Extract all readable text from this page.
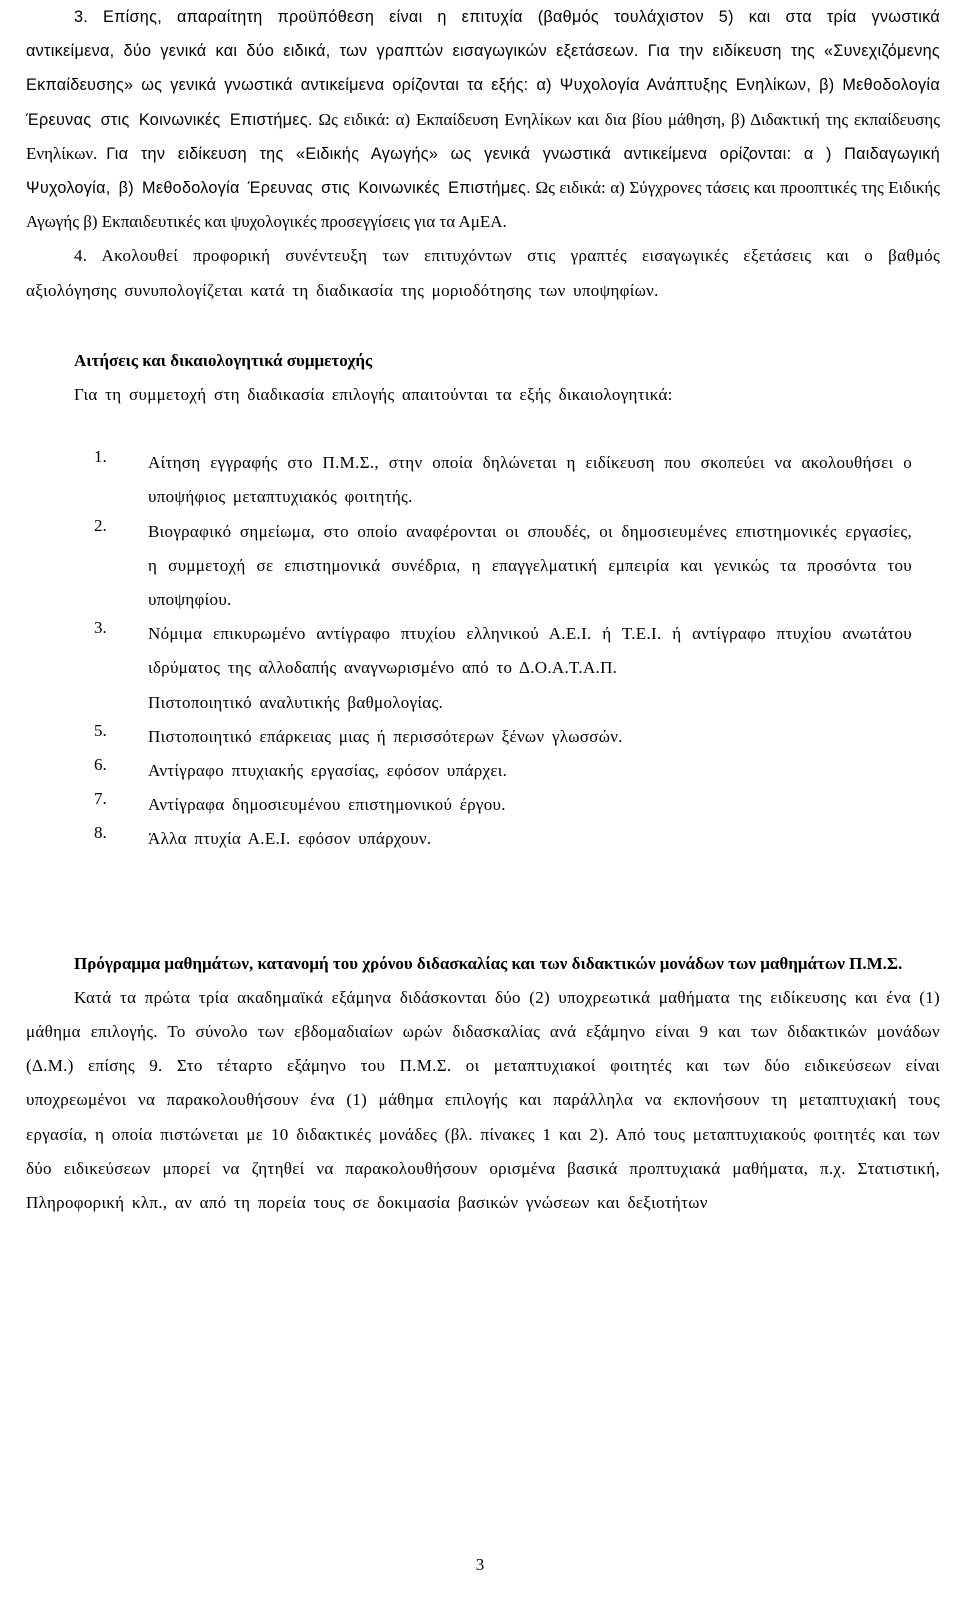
3. Επίσης, απαραίτητη προϋπόθεση είναι η επιτυχία (βαθμός τουλάχιστον 5) και στα τρία γνωστικά αντικείμενα, δύο γενικά και δύο ειδικά, των γραπτών εισαγωγικών εξετάσεων. Για την ειδίκευση της «Συνεχιζόμενης Εκπαίδευσης» ως γενικά γνωστικά αντικείμενα ορίζονται τα εξής: α) Ψυχολογία Ανάπτυξης Ενηλίκων, β) Μεθοδολογία Έρευνας στις Κοινωνικές Επιστήμες. Ως ειδικά: α) Εκπαίδευση Ενηλίκων και δια βίου μάθηση, β) Διδακτική της εκπαίδευσης Ενηλίκων. Για την ειδίκευση της «Ειδικής Αγωγής» ως γενικά γνωστικά αντικείμενα ορίζονται: α ) Παιδαγωγική Ψυχολογία, β) Μεθοδολογία Έρευνας στις Κοινωνικές Επιστήμες. Ως ειδικά: α) Σύγχρονες τάσεις και προοπτικές της Ειδικής Αγωγής β) Εκπαιδευτικές και ψυχολογικές προσεγγίσεις για τα ΑμΕΑ.

4. Ακολουθεί προφορική συνέντευξη των επιτυχόντων στις γραπτές εισαγωγικές εξετάσεις και ο βαθμός αξιολόγησης συνυπολογίζεται κατά τη διαδικασία της μοριοδότησης των υποψηφίων.

Αιτήσεις και δικαιολογητικά συμμετοχής

Για τη συμμετοχή στη διαδικασία επιλογής απαιτούνται τα εξής δικαιολογητικά:

1. Αίτηση εγγραφής στο Π.Μ.Σ., στην οποία δηλώνεται η ειδίκευση που σκοπεύει να ακολουθήσει ο υποψήφιος μεταπτυχιακός φοιτητής.
2. Βιογραφικό σημείωμα, στο οποίο αναφέρονται οι σπουδές, οι δημοσιευμένες επιστημονικές εργασίες, η συμμετοχή σε επιστημονικά συνέδρια, η επαγγελματική εμπειρία και γενικώς τα προσόντα του υποψηφίου.
3. Νόμιμα επικυρωμένο αντίγραφο πτυχίου ελληνικού Α.Ε.Ι. ή Τ.Ε.Ι. ή αντίγραφο πτυχίου ανωτάτου ιδρύματος της αλλοδαπής αναγνωρισμένο από το Δ.Ο.Α.Τ.Α.Π.
Πιστοποιητικό αναλυτικής βαθμολογίας.
5. Πιστοποιητικό επάρκειας μιας ή περισσότερων ξένων γλωσσών.
6. Αντίγραφο πτυχιακής εργασίας, εφόσον υπάρχει.
7. Αντίγραφα δημοσιευμένου επιστημονικού έργου.
8. Άλλα πτυχία Α.Ε.Ι. εφόσον υπάρχουν.

Πρόγραμμα μαθημάτων, κατανομή του χρόνου διδασκαλίας και των διδακτικών μονάδων των μαθημάτων Π.Μ.Σ.

Κατά τα πρώτα τρία ακαδημαϊκά εξάμηνα διδάσκονται δύο (2) υποχρεωτικά μαθήματα της ειδίκευσης και ένα (1) μάθημα επιλογής. Το σύνολο των εβδομαδιαίων ωρών διδασκαλίας ανά εξάμηνο είναι 9 και των διδακτικών μονάδων (Δ.Μ.) επίσης 9. Στο τέταρτο εξάμηνο του Π.Μ.Σ. οι μεταπτυχιακοί φοιτητές και των δύο ειδικεύσεων είναι υποχρεωμένοι να παρακολουθήσουν ένα (1) μάθημα επιλογής και παράλληλα να εκπονήσουν τη μεταπτυχιακή τους εργασία, η οποία πιστώνεται με 10 διδακτικές μονάδες (βλ. πίνακες 1 και 2). Από τους μεταπτυχιακούς φοιτητές και των δύο ειδικεύσεων μπορεί να ζητηθεί να παρακολουθήσουν ορισμένα βασικά προπτυχιακά μαθήματα, π.χ. Στατιστική, Πληροφορική κλπ., αν από τη πορεία τους σε δοκιμασία βασικών γνώσεων και δεξιοτήτων

3
